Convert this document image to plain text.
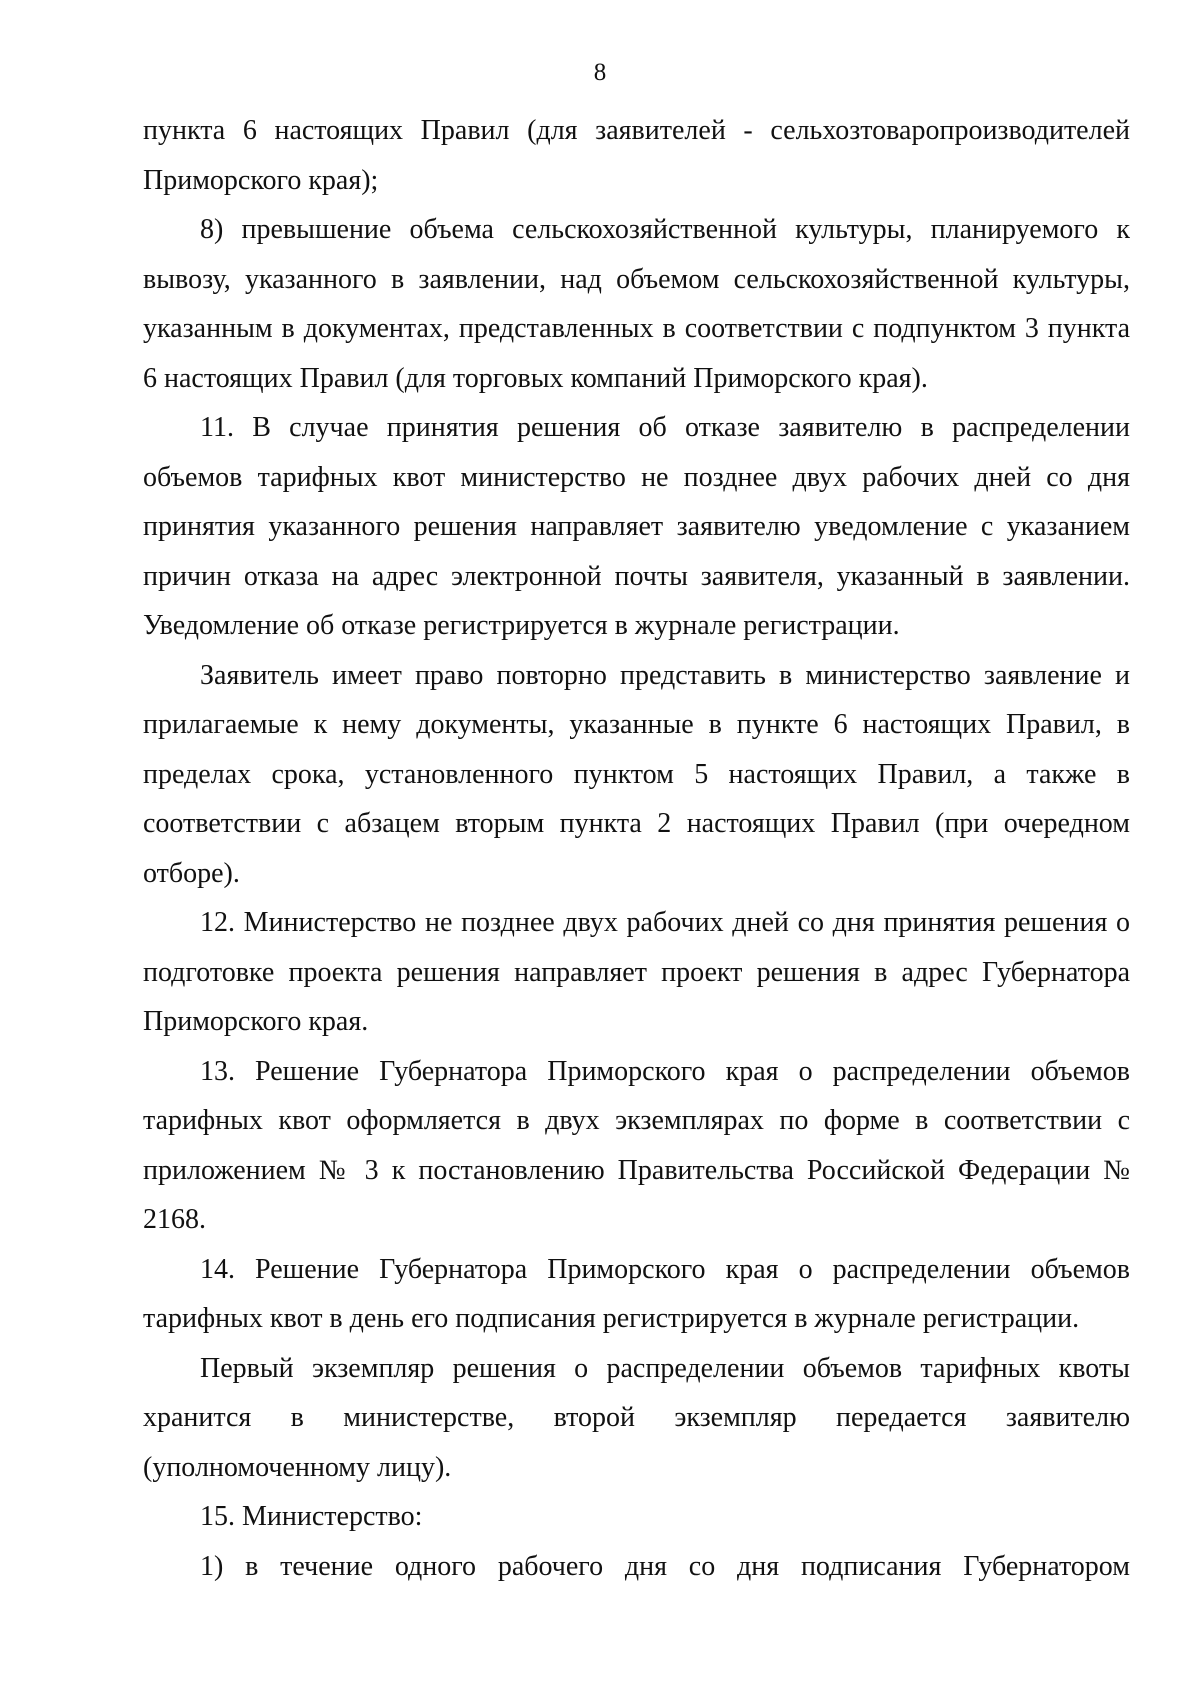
8

пункта 6 настоящих Правил (для заявителей - сельхозтоваропроизводителей Приморского края);

8) превышение объема сельскохозяйственной культуры, планируемого к вывозу, указанного в заявлении, над объемом сельскохозяйственной культуры, указанным в документах, представленных в соответствии с подпунктом 3 пункта 6 настоящих Правил (для торговых компаний Приморского края).

11. В случае принятия решения об отказе заявителю в распределении объемов тарифных квот министерство не позднее двух рабочих дней со дня принятия указанного решения направляет заявителю уведомление с указанием причин отказа на адрес электронной почты заявителя, указанный в заявлении. Уведомление об отказе регистрируется в журнале регистрации.

Заявитель имеет право повторно представить в министерство заявление и прилагаемые к нему документы, указанные в пункте 6 настоящих Правил, в пределах срока, установленного пунктом 5 настоящих Правил, а также в соответствии с абзацем вторым пункта 2 настоящих Правил (при очередном отборе).

12. Министерство не позднее двух рабочих дней со дня принятия решения о подготовке проекта решения направляет проект решения в адрес Губернатора Приморского края.

13. Решение Губернатора Приморского края о распределении объемов тарифных квот оформляется в двух экземплярах по форме в соответствии с приложением № 3 к постановлению Правительства Российской Федерации № 2168.

14. Решение Губернатора Приморского края о распределении объемов тарифных квот в день его подписания регистрируется в журнале регистрации.

Первый экземпляр решения о распределении объемов тарифных квоты хранится в министерстве, второй экземпляр передается заявителю (уполномоченному лицу).

15. Министерство:

1) в течение одного рабочего дня со дня подписания Губернатором
